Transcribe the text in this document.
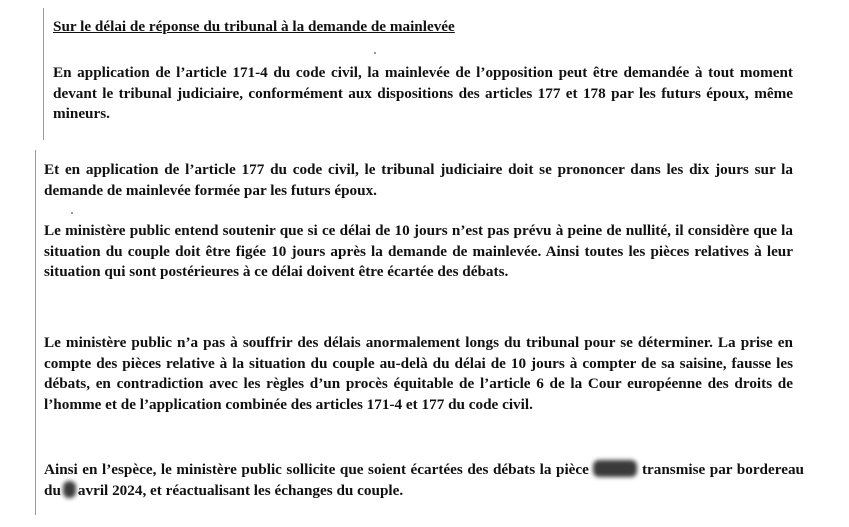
Sur le délai de réponse du tribunal à la demande de mainlevée

En application de l’article 171-4 du code civil, la mainlevée de l’opposition peut être demandée à tout moment devant le tribunal judiciaire, conformément aux dispositions des articles 177 et 178 par les futurs époux, même mineurs.

Et en application de l’article 177 du code civil, le tribunal judiciaire doit se prononcer dans les dix jours sur la demande de mainlevée formée par les futurs époux.

Le ministère public entend soutenir que si ce délai de 10 jours n’est pas prévu à peine de nullité, il considère que la situation du couple doit être figée 10 jours après la demande de mainlevée. Ainsi toutes les pièces relatives à leur situation qui sont postérieures à ce délai doivent être écartée des débats.

Le ministère public n’a pas à souffrir des délais anormalement longs du tribunal pour se déterminer. La prise en compte des pièces relative à la situation du couple au-delà du délai de 10 jours à compter de sa saisine, fausse les débats, en contradiction avec les règles d’un procès équitable de l’article 6 de la Cour européenne des droits de l’homme et de l’application combinée des articles 171-4 et 177 du code civil.

Ainsi en l’espèce, le ministère public sollicite que soient écartées des débats la pièce	transmise par bordereau du avril 2024, et réactualisant les échanges du couple.
